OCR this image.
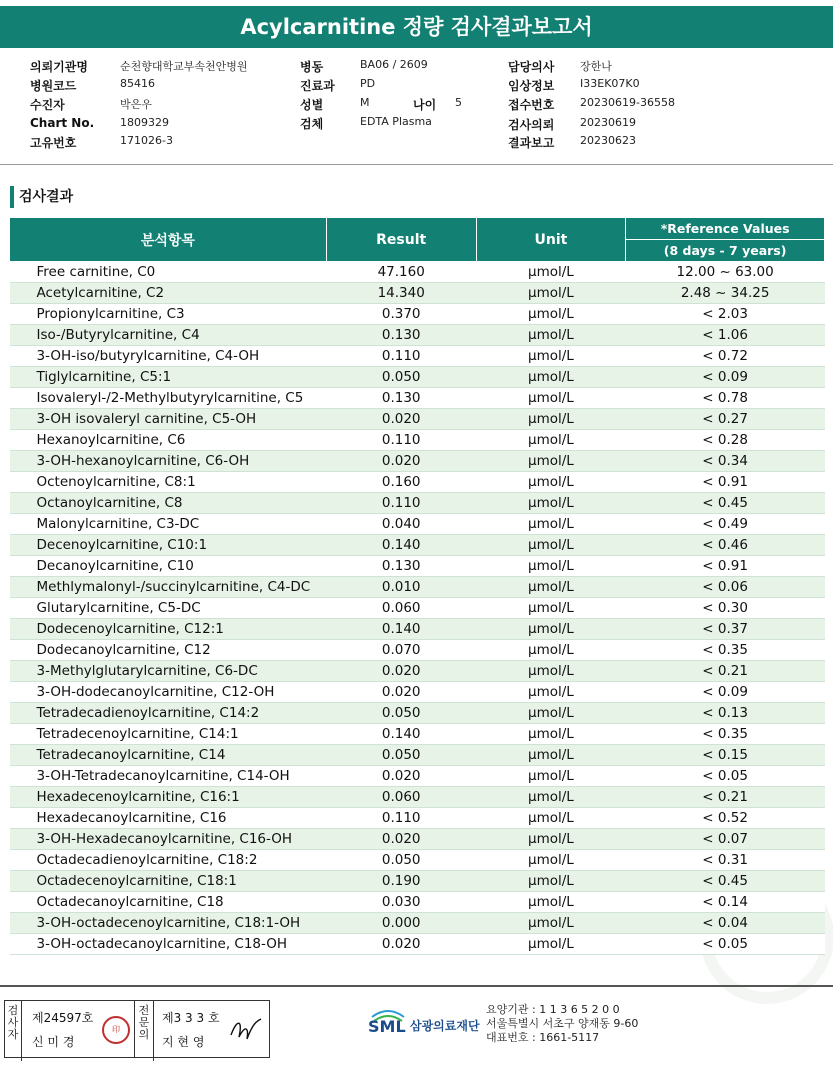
Acylcarnitine 정량 검사결과보고서
의뢰기관명	순천향대학교부속천안병원
병원코드	85416
수진자	박은우
Chart No. 1809329
고유번호	171026-3
병동	BA06 / 2609
진료과 PD
성별	M	나이 5
검체	EDTA Plasma
담당의사 장한나
임상정보 I33EK07K0
접수번호 20230619-36558
검사의뢰 20230619
결과보고 20230623
검사결과
분석항목	Result	Unit	*Reference Values
			(8 days - 7 years)
Free carnitine, C0	47.160	μmol/L	12.00 ~ 63.00
Acetylcarnitine, C2	14.340	μmol/L	2.48 ~ 34.25
Propionylcarnitine, C3	0.370	μmol/L	< 2.03
Iso-/Butyrylcarnitine, C4	0.130	μmol/L	< 1.06
3-OH-iso/butyrylcarnitine, C4-OH	0.110	μmol/L	< 0.72
Tiglylcarnitine, C5:1	0.050	μmol/L	< 0.09
Isovaleryl-/2-Methylbutyrylcarnitine, C5	0.130	μmol/L	< 0.78
3-OH isovaleryl carnitine, C5-OH	0.020	μmol/L	< 0.27
Hexanoylcarnitine, C6	0.110	μmol/L	< 0.28
3-OH-hexanoylcarnitine, C6-OH	0.020	μmol/L	< 0.34
Octenoylcarnitine, C8:1	0.160	μmol/L	< 0.91
Octanoylcarnitine, C8	0.110	μmol/L	< 0.45
Malonylcarnitine, C3-DC	0.040	μmol/L	< 0.49
Decenoylcarnitine, C10:1	0.140	μmol/L	< 0.46
Decanoylcarnitine, C10	0.130	μmol/L	< 0.91
Methlymalonyl-/succinylcarnitine, C4-DC	0.010	μmol/L	< 0.06
Glutarylcarnitine, C5-DC	0.060	μmol/L	< 0.30
Dodecenoylcarnitine, C12:1	0.140	μmol/L	< 0.37
Dodecanoylcarnitine, C12	0.070	μmol/L	< 0.35
3-Methylglutarylcarnitine, C6-DC	0.020	μmol/L	< 0.21
3-OH-dodecanoylcarnitine, C12-OH	0.020	μmol/L	< 0.09
Tetradecadienoylcarnitine, C14:2	0.050	μmol/L	< 0.13
Tetradecenoylcarnitine, C14:1	0.140	μmol/L	< 0.35
Tetradecanoylcarnitine, C14	0.050	μmol/L	< 0.15
3-OH-Tetradecanoylcarnitine, C14-OH	0.020	μmol/L	< 0.05
Hexadecenoylcarnitine, C16:1	0.060	μmol/L	< 0.21
Hexadecanoylcarnitine, C16	0.110	μmol/L	< 0.52
3-OH-Hexadecanoylcarnitine, C16-OH	0.020	μmol/L	< 0.07
Octadecadienoylcarnitine, C18:2	0.050	μmol/L	< 0.31
Octadecenoylcarnitine, C18:1	0.190	μmol/L	< 0.45
Octadecanoylcarnitine, C18	0.030	μmol/L	< 0.14
3-OH-octadecenoylcarnitine, C18:1-OH	0.000	μmol/L	< 0.04
3-OH-octadecanoylcarnitine, C18-OH	0.020	μmol/L	< 0.05
검사자
제24597호
신 미 경
印
전문의
제3 3 3 호
지 현 영
SML 삼광의료재단
요양기관 : 1 1 3 6 5 2 0 0
서울특별시 서초구 양재동 9-60
대표번호 : 1661-5117
